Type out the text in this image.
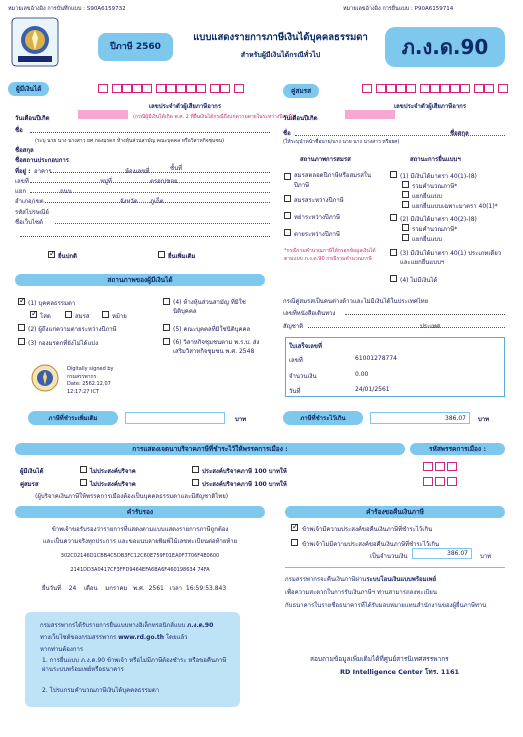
หมายเลขอ้างอิง การบันทึกแบบ : S90A6159732	หมายเลขอ้างอิง การยื่นแบบ : P90A6159714
ปีภาษี 2560
แบบแสดงรายการภาษีเงินได้บุคคลธรรมดา
สำหรับผู้มีเงินได้กรณีทั่วไป	ภ.ง.ด.90
ผู้มีเงินได้
เลขประจำตัวผู้เสียภาษีอากร
วันเดือนปีเกิด	(กรณีผู้มีเงินได้เกิด พ.ศ. 2 ที่ยื่นเงินได้กรณีถึงแก่ความตายในระหว่างปีภาษี)
ชื่อ
(ระบุ นาย นาง นางสาว ยศ กองมรดก ห้างหุ้นส่วนสามัญ คณะบุคคล หรือวิสาหกิจชุมชน)
ชื่อสกุล
ชื่อสถานประกอบการ
ที่อยู่ : อาคาร	ห้องเลขที่	ชั้นที่
เลขที่	หมู่ที่	ตรอก/ซอย
แยก	ถนน
อำเภอ/เขต	จังหวัด ภูเก็ต
รหัสไปรษณีย์
ชื่อเว็บไซต์
✓
ยื่นปกติ	ยื่นเพิ่มเติม
คู่สมรส
เลขประจำตัวผู้เสียภาษีอากร
วันเดือนปีเกิด
ชื่อ	ชื่อสกุล
(ให้ระบุนำหน้าชื่อนาย/นาง นาย นาง นางสาว หรือยศ)
สถานภาพการสมรส
สมรสตลอดปีภาษีหรือสมรสในปีภาษี
สมรสระหว่างปีภาษี
หย่าระหว่างปีภาษี
ตายระหว่างปีภาษี
*กรณีรวมคำนวณภาษีให้กรอกข้อมูลเงินได้ตามแบบ ภ.ง.ด.90 กรณีรวมคำนวณภาษี
สถานะการยื่นแบบฯ
(1) มีเงินได้มาตรา 40(1)-(8)
รวมคำนวณภาษี*
แยกยื่นแบบ
แยกยื่นแบบเฉพาะมาตรา 40(1)*
(2) มีเงินได้มาตรา 40(2)-(8)
รวมคำนวณภาษี*
แยกยื่นแบบ
(3) มีเงินได้มาตรา 40(1) ประเภทเดียวและแยกยื่นแบบฯ
(4) ไม่มีเงินได้
สถานภาพของผู้มีเงินได้
✓
(1) บุคคลธรรมดา
✓
โสด	สมรส	หม้าย
(2) ผู้ถึงแก่ความตายระหว่างปีภาษี
(3) กองมรดกที่ยังไม่ได้แบ่ง
(4) ห้างหุ้นส่วนสามัญ ที่มิใช่นิติบุคคล
(5) คณะบุคคลที่มิใช่นิติบุคคล
(6) วิสาหกิจชุมชนตาม พ.ร.บ. ส่งเสริมวิสาหกิจชุมชน พ.ศ. 2548
Digitally signed by
กรมสรรพากร
Date: 2562.12.07
12:17:27 ICT
กรณีคู่สมรสเป็นคนต่างด้าวและไม่มีเงินได้ในประเทศไทย
เลขที่หนังสือเดินทาง
สัญชาติ	ประเทศ
ใบเสร็จเลขที่
เลขที่	61001278774
จำนวนเงิน	0.00
วันที่	24/01/2561
ภาษีที่ชำระเพิ่มเติม	บาท	ภาษีที่ชำระไว้เกิน	386.07	บาท
การแสดงเจตนาบริจาคภาษีที่ชำระไว้ให้พรรคการเมือง :	รหัสพรรคการเมือง :
ผู้มีเงินได้	ไม่ประสงค์บริจาค	ประสงค์บริจาคภาษี 100 บาทให้
คู่สมรส	ไม่ประสงค์บริจาค	ประสงค์บริจาคภาษี 100 บาทให้
(ผู้บริจาคเงินภาษีให้พรรคการเมืองต้องเป็นบุคคลธรรมดาและมีสัญชาติไทย)
คำรับรอง
ข้าพเจ้าขอรับรองว่ารายการที่แสดงตามแบบแสดงรายการภาษีถูกต้อง
และเป็นความจริงทุกประการ และขอแนบลายพิมพ์ไม้เลขทะเบียนต่อท้ายท้าย
302C02146D1CBB4C5DB3FC12C60E759F01EA0F7706F4E0600
2141DD3A0417CF3FFD9464EFA6BA6F460198634 74FA
ยื่นวันที่ 24 เดือน มกราคม พ.ศ. 2561 เวลา 16:59:53.843
คำร้องขอคืนเงินภาษี
✓
ข้าพเจ้ามีความประสงค์ขอคืนเงินภาษีที่ชำระไว้เกิน
ข้าพเจ้าไม่มีความประสงค์ขอคืนเงินภาษีที่ชำระไว้เกิน
เป็นจำนวนเงิน	386.07	บาท
กรมสรรพากรจะคืนเงินภาษีผ่านระบบโอนเงินแบบพร้อมเพย์
เพื่อความสะดวกในการรับเงินภาษีฯ ท่านสามารถลงทะเบียน
กับธนาคารในรายชื่อธนาคารที่ได้รับมอบหมายแทนสำนักงานของผู้ยื่นภาษีท่าน
กรมสรรพากรได้รับรายการยื่นแบบทางอิเล็กทรอนิกส์แบบ ภ.ง.ด.90
ทางเว็บไซต์ของกรมสรรพากร www.rd.go.th โดยแล้ว
หากท่านต้องการ
1. การยื่นแบบ ภ.ง.ด.90 ข้าพเจ้า หรือไม่มีภาษีต้องชำระ หรือขอคืนภาษีผ่านระบบพร้อมเพย์หรือธนาคาร
2. โปรแกรมคำนวณภาษีเงินได้บุคคลธรรมดา
สอบถามข้อมูลเพิ่มเติมได้ที่ศูนย์สารนิเทศสรรพากร
RD Intelligence Center โทร. 1161
